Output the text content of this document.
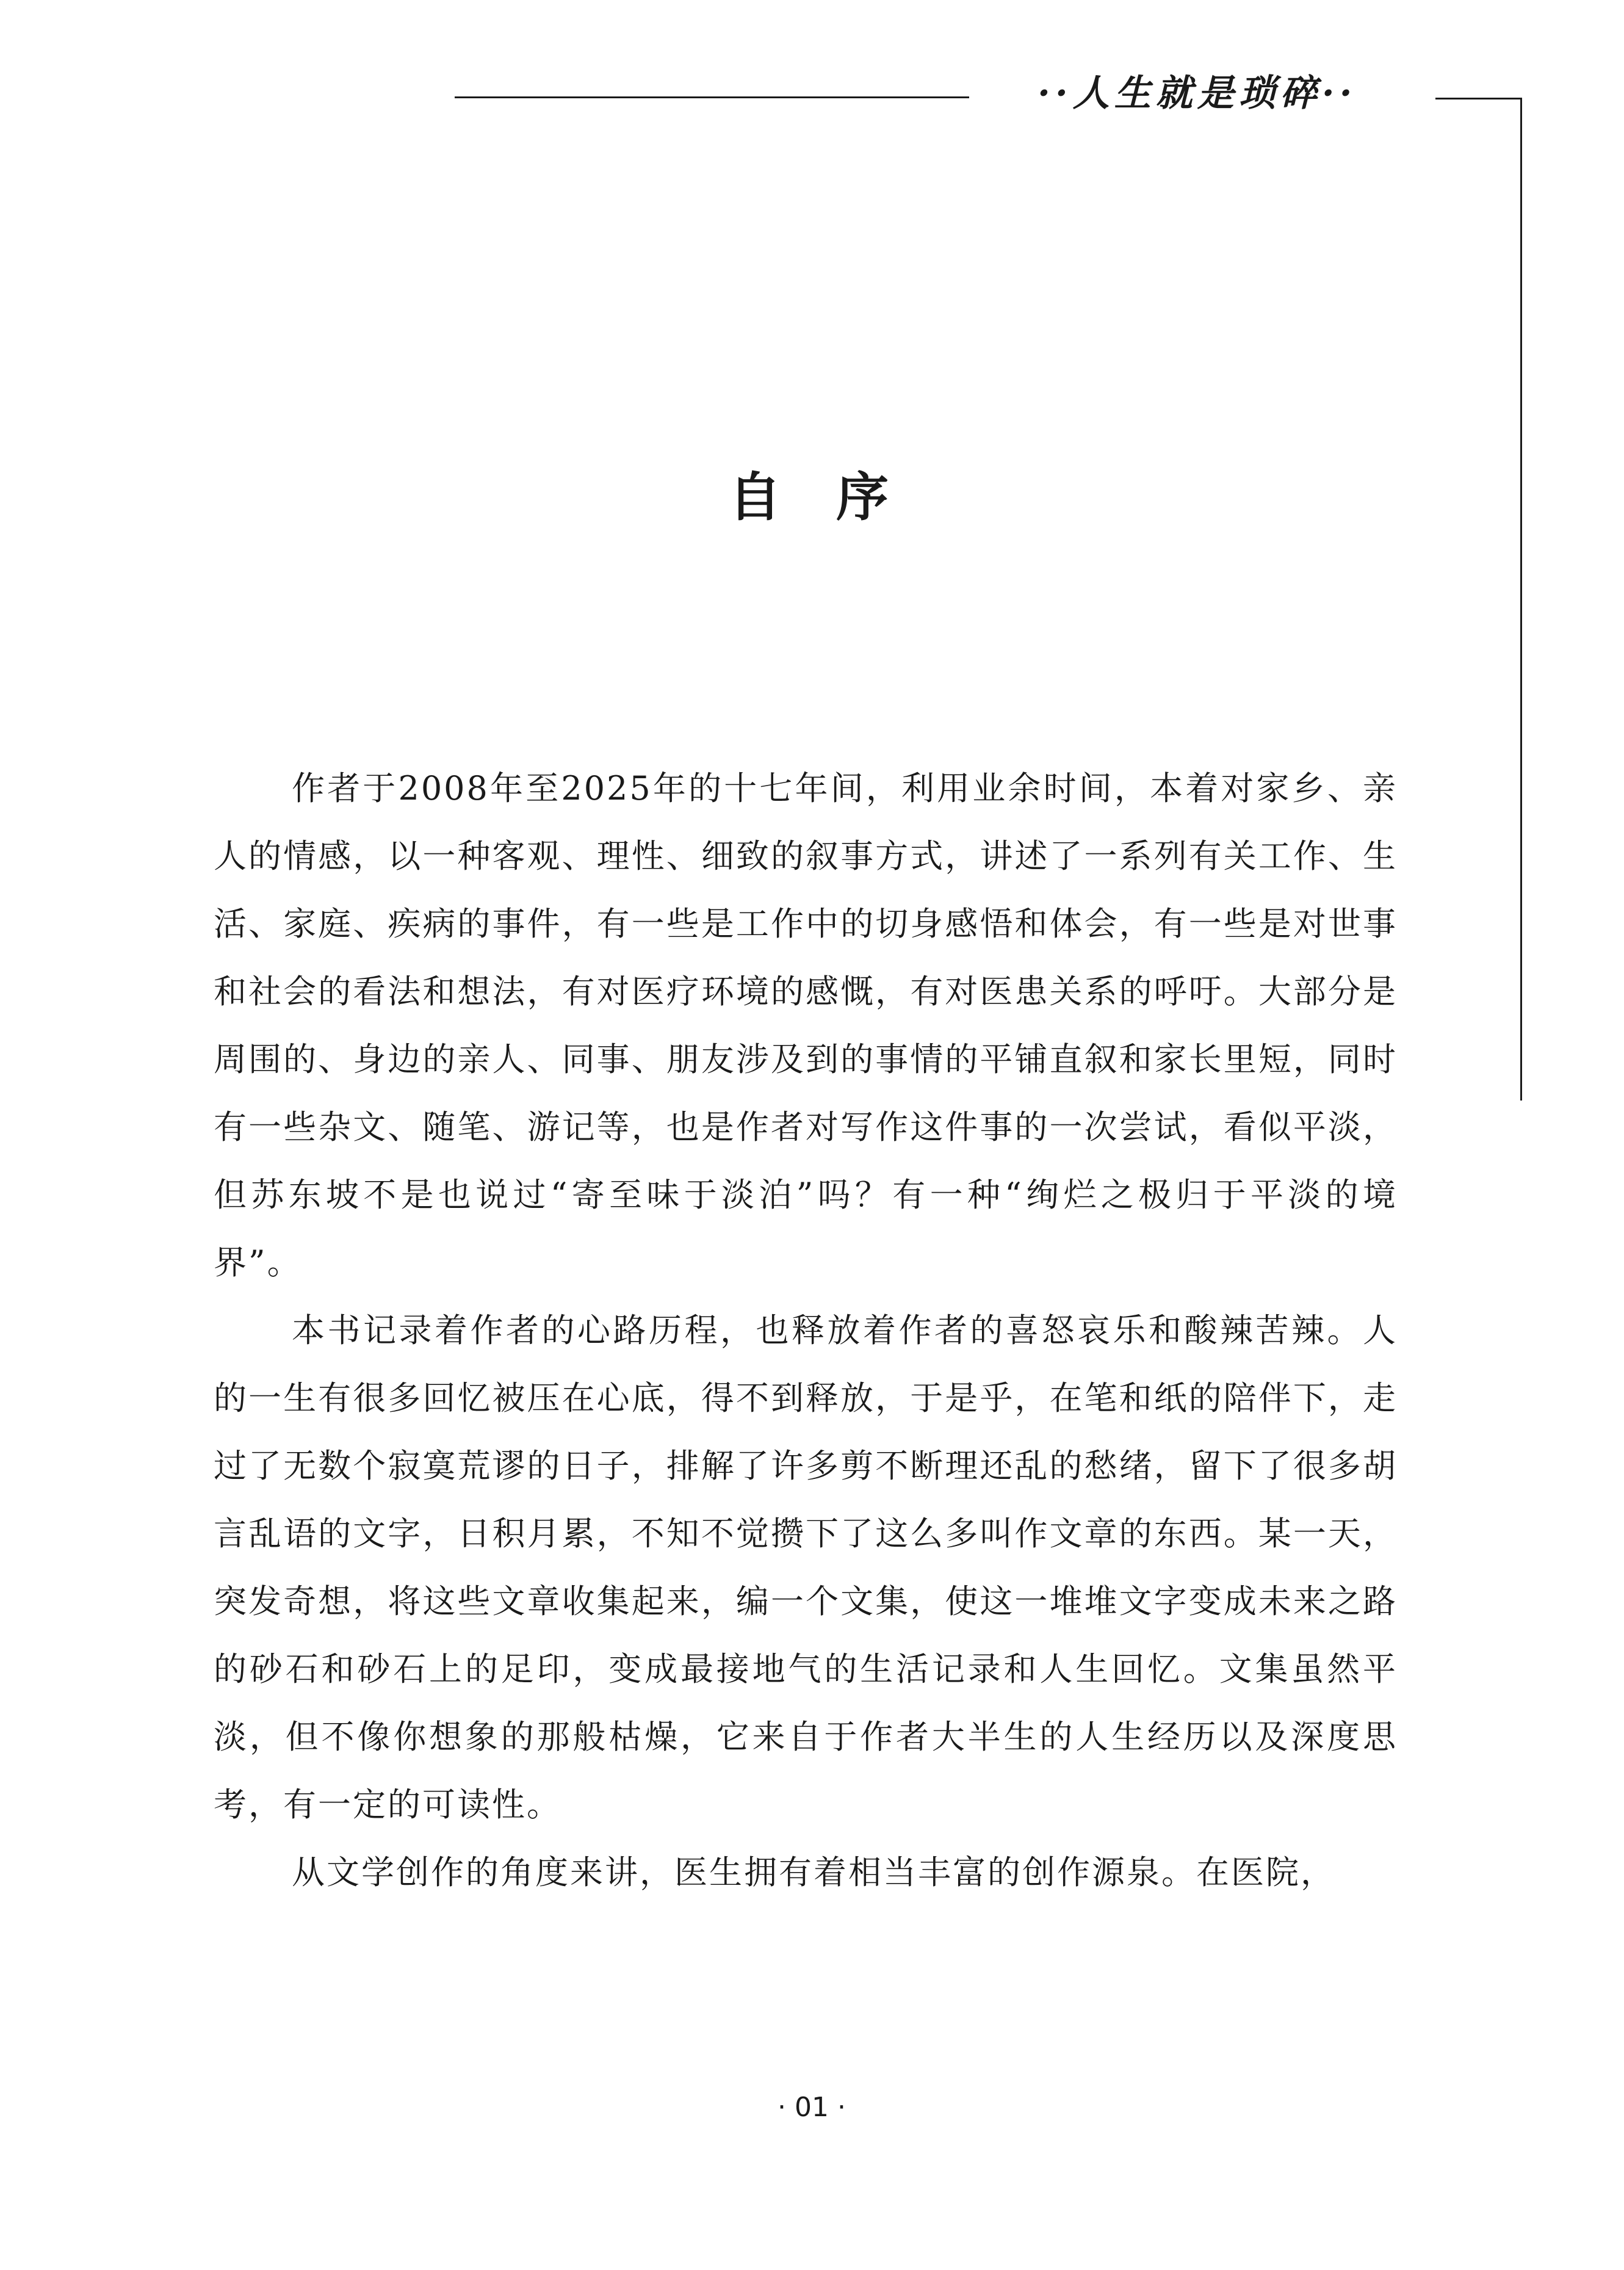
··人生就是琐碎··
自序

作者于2008年至2025年的十七年间，利用业余时间，本着对家乡、亲人的情感，以一种客观、理性、细致的叙事方式，讲述了一系列有关工作、生活、家庭、疾病的事件，有一些是工作中的切身感悟和体会，有一些是对世事和社会的看法和想法，有对医疗环境的感慨，有对医患关系的呼吁。大部分是周围的、身边的亲人、同事、朋友涉及到的事情的平铺直叙和家长里短，同时有一些杂文、随笔、游记等，也是作者对写作这件事的一次尝试，看似平淡，但苏东坡不是也说过“寄至味于淡泊”吗？有一种“绚烂之极归于平淡的境界”。

本书记录着作者的心路历程，也释放着作者的喜怒哀乐和酸辣苦辣。人的一生有很多回忆被压在心底，得不到释放，于是乎，在笔和纸的陪伴下，走过了无数个寂寞荒谬的日子，排解了许多剪不断理还乱的愁绪，留下了很多胡言乱语的文字，日积月累，不知不觉攒下了这么多叫作文章的东西。某一天，突发奇想，将这些文章收集起来，编一个文集，使这一堆堆文字变成未来之路的砂石和砂石上的足印，变成最接地气的生活记录和人生回忆。文集虽然平淡，但不像你想象的那般枯燥，它来自于作者大半生的人生经历以及深度思考，有一定的可读性。

从文学创作的角度来讲，医生拥有着相当丰富的创作源泉。在医院，

· 01 ·
